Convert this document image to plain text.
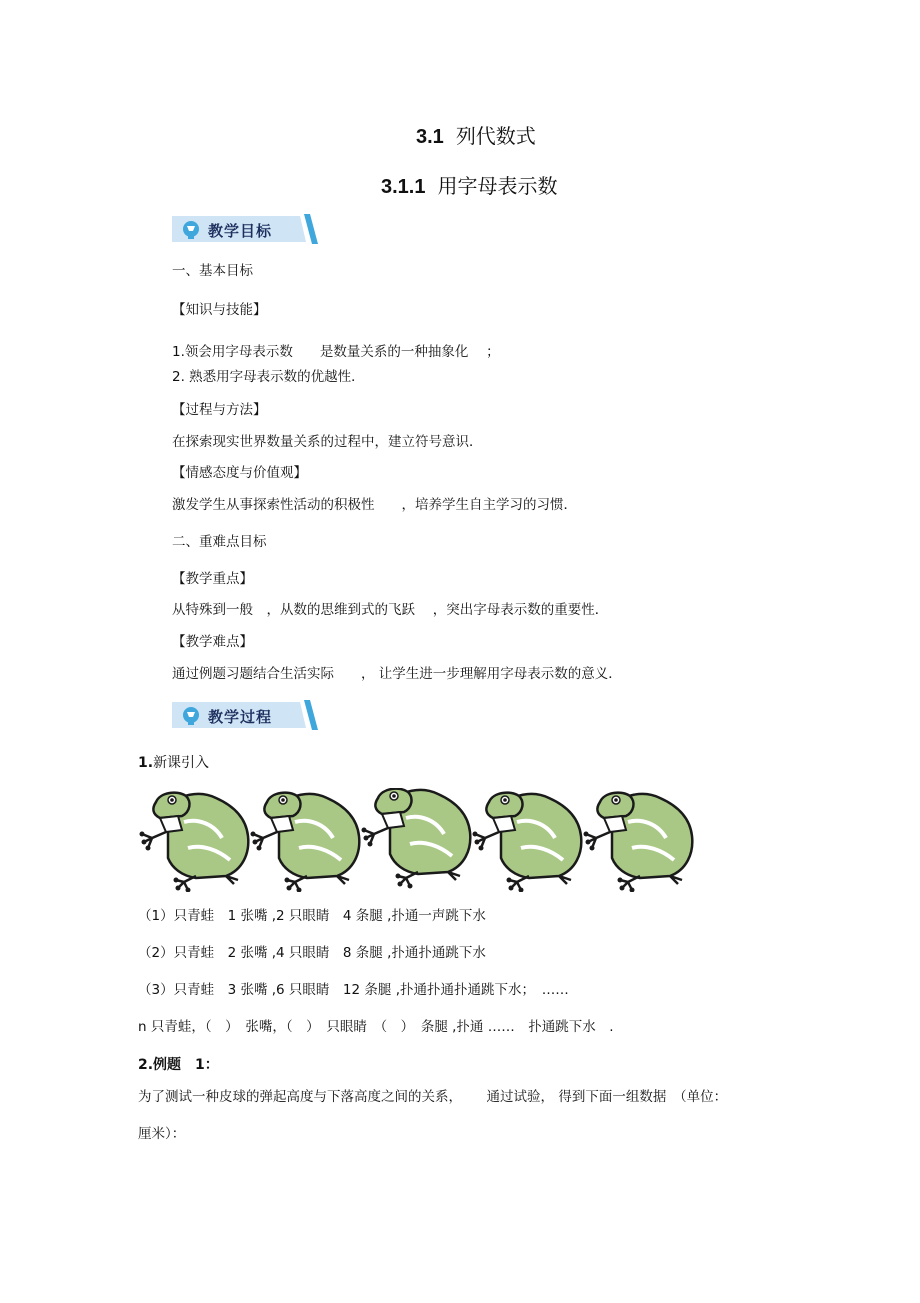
3.1 列代数式
3.1.1 用字母表示数
教学目标
一、基本目标
【知识与技能】
1.领会用字母表示数　　是数量关系的一种抽象化　 ；
2. 熟悉用字母表示数的优越性．
【过程与方法】
在探索现实世界数量关系的过程中，建立符号意识．
【情感态度与价值观】
激发学生从事探索性活动的积极性　　，培养学生自主学习的习惯．
二、重难点目标
【教学重点】
从特殊到一般　，从数的思维到式的飞跃　 ，突出字母表示数的重要性．
【教学难点】
通过例题习题结合生活实际　　， 让学生进一步理解用字母表示数的意义．
教学过程
1.新课引入
（1）只青蛙　1 张嘴 ,2 只眼睛　4 条腿 ,扑通一声跳下水
（2）只青蛙　2 张嘴 ,4 只眼睛　8 条腿 ,扑通扑通跳下水
（3）只青蛙　3 张嘴 ,6 只眼睛　12 条腿 ,扑通扑通扑通跳下水；　……
n 只青蛙，（　）　张嘴，（　）　只眼睛　（　）　条腿 ,扑通 ……　扑通跳下水　.
2.例题　1：
为了测试一种皮球的弹起高度与下落高度之间的关系，　　 通过试验， 得到下面一组数据　（单位：
厘米）：
